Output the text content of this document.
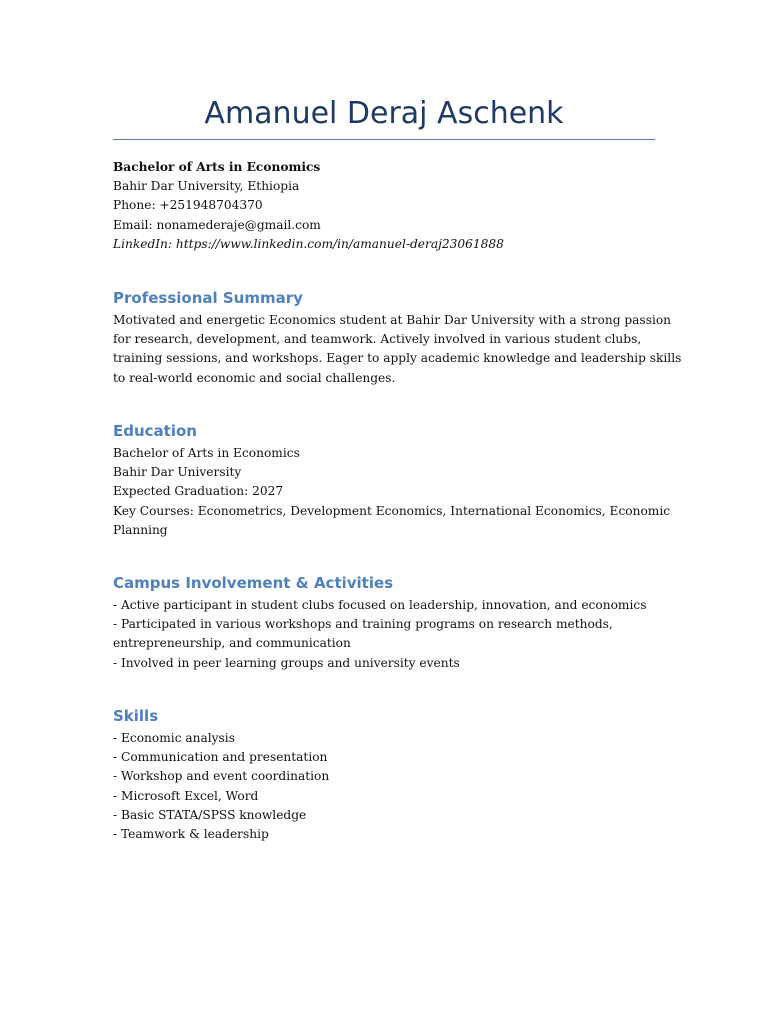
Amanuel Deraj Aschenk
Bachelor of Arts in Economics
Bahir Dar University, Ethiopia
Phone: +251948704370
Email: nonamederaje@gmail.com
LinkedIn: https://www.linkedin.com/in/amanuel-deraj23061888
Professional Summary
Motivated and energetic Economics student at Bahir Dar University with a strong passion
for research, development, and teamwork. Actively involved in various student clubs,
training sessions, and workshops. Eager to apply academic knowledge and leadership skills
to real-world economic and social challenges.
Education
Bachelor of Arts in Economics
Bahir Dar University
Expected Graduation: 2027
Key Courses: Econometrics, Development Economics, International Economics, Economic
Planning
Campus Involvement & Activities
- Active participant in student clubs focused on leadership, innovation, and economics
- Participated in various workshops and training programs on research methods,
entrepreneurship, and communication
- Involved in peer learning groups and university events
Skills
- Economic analysis
- Communication and presentation
- Workshop and event coordination
- Microsoft Excel, Word
- Basic STATA/SPSS knowledge
- Teamwork & leadership
